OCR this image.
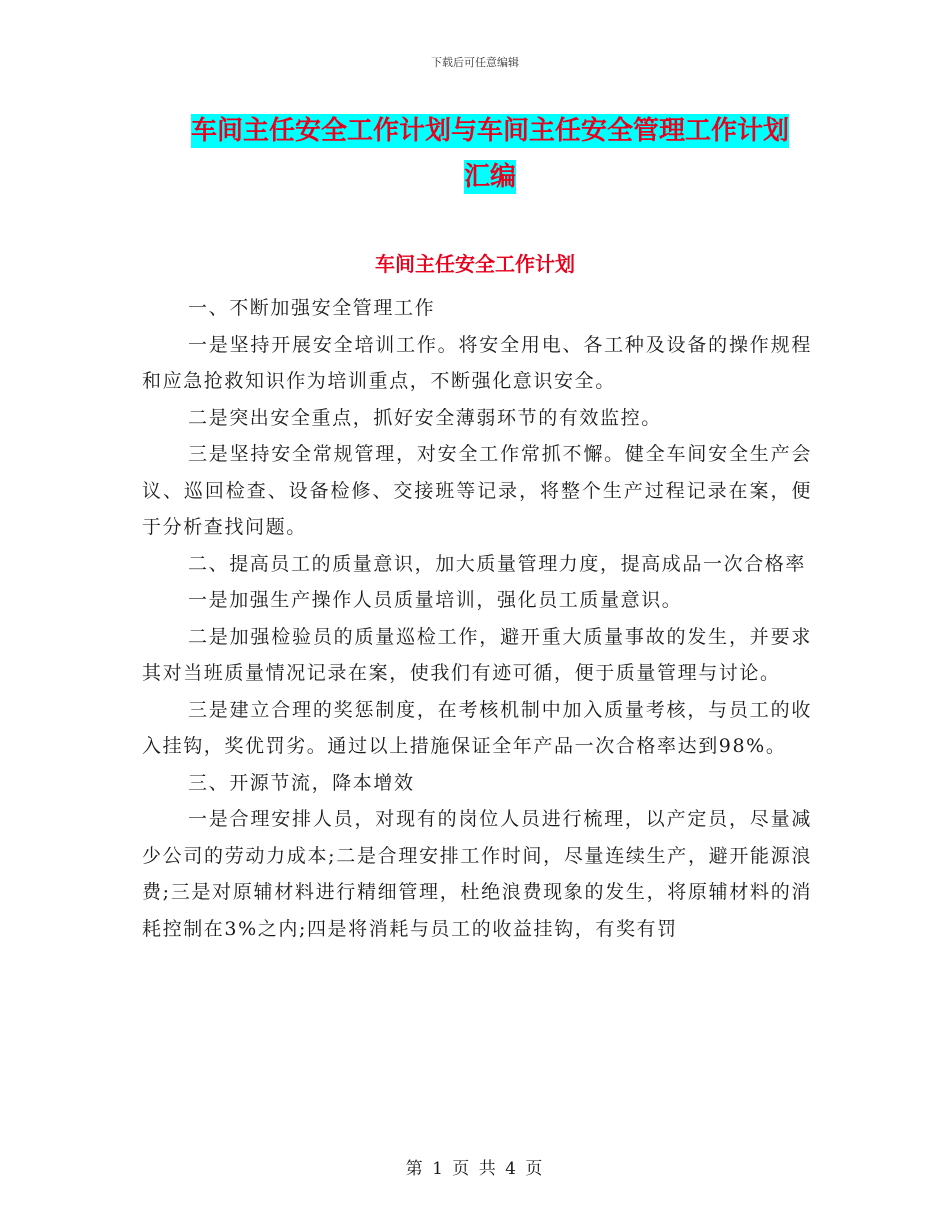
下载后可任意编辑
车间主任安全工作计划与车间主任安全管理工作计划
汇编
车间主任安全工作计划

一、不断加强安全管理工作

一是坚持开展安全培训工作。将安全用电、各工种及设备的操作规程和应急抢救知识作为培训重点，不断强化意识安全。

二是突出安全重点，抓好安全薄弱环节的有效监控。

三是坚持安全常规管理，对安全工作常抓不懈。健全车间安全生产会议、巡回检查、设备检修、交接班等记录，将整个生产过程记录在案，便于分析查找问题。

二、提高员工的质量意识，加大质量管理力度，提高成品一次合格率

一是加强生产操作人员质量培训，强化员工质量意识。

二是加强检验员的质量巡检工作，避开重大质量事故的发生，并要求其对当班质量情况记录在案，使我们有迹可循，便于质量管理与讨论。

三是建立合理的奖惩制度，在考核机制中加入质量考核，与员工的收入挂钩，奖优罚劣。通过以上措施保证全年产品一次合格率达到98%。

三、开源节流，降本增效

一是合理安排人员，对现有的岗位人员进行梳理，以产定员，尽量减少公司的劳动力成本;二是合理安排工作时间，尽量连续生产，避开能源浪费;三是对原辅材料进行精细管理，杜绝浪费现象的发生，将原辅材料的消耗控制在3%之内;四是将消耗与员工的收益挂钩，有奖有罚

第 1 页 共 4 页
